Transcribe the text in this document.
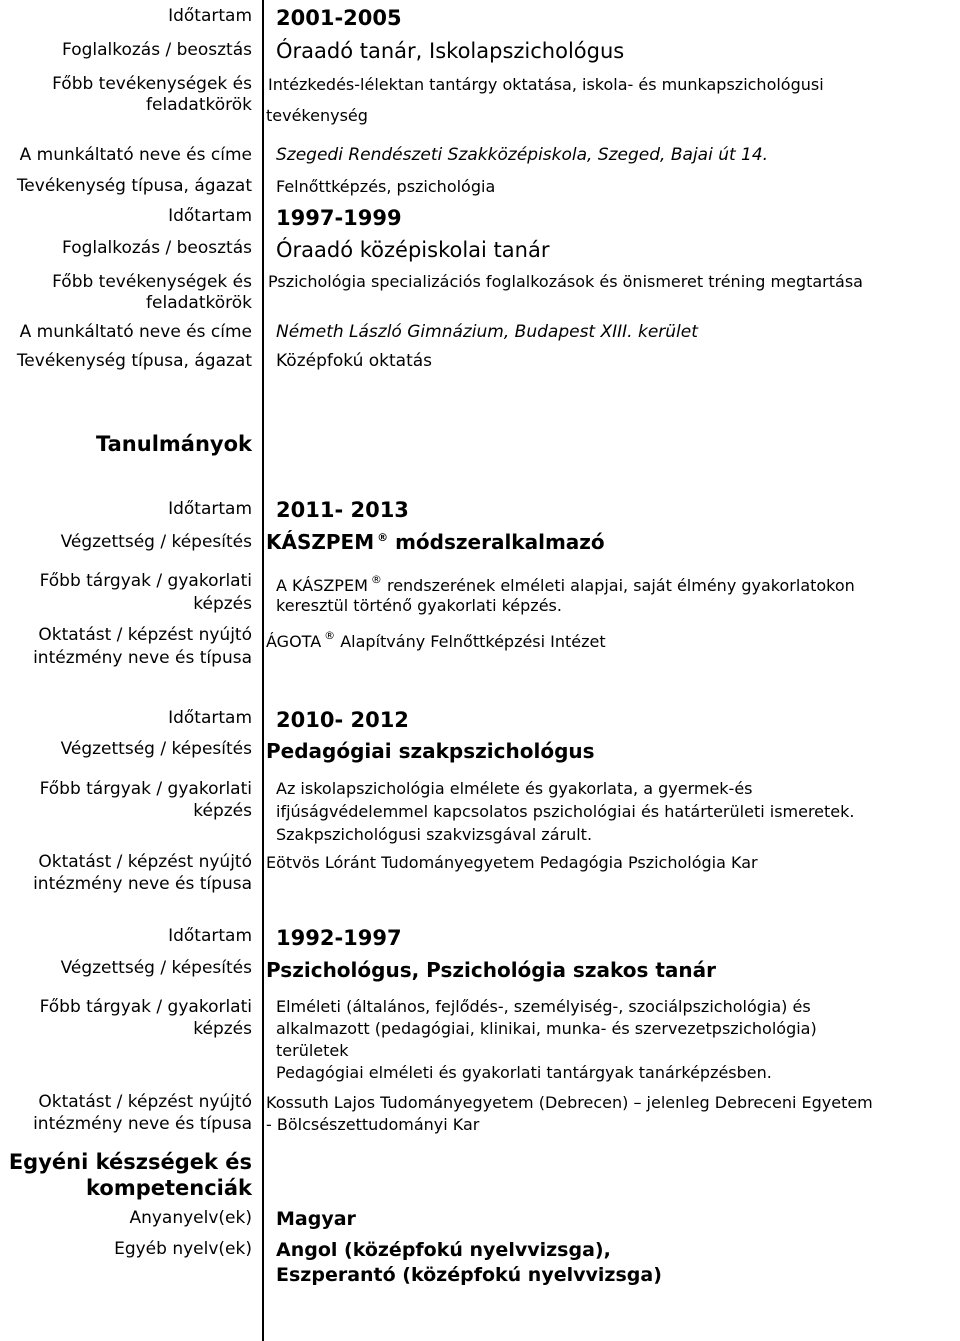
Időtartam 2001-2005
Foglalkozás / beosztás Óraadó tanár, Iskolapszichológus
Főbb tevékenységek és Intézkedés-lélektan tantárgy oktatása, iskola- és munkapszichológusi
feladatkörök
tevékenység
A munkáltató neve és címe Szegedi Rendészeti Szakközépiskola, Szeged, Bajai út 14.
Tevékenység típusa, ágazat Felnőttképzés, pszichológia
Időtartam 1997-1999
Foglalkozás / beosztás Óraadó középiskolai tanár
Főbb tevékenységek és Pszichológia specializációs foglalkozások és önismeret tréning megtartása
feladatkörök
A munkáltató neve és címe Németh László Gimnázium, Budapest XIII. kerület
Tevékenység típusa, ágazat Középfokú oktatás
Tanulmányok
Időtartam 2011- 2013
Végzettség / képesítés KÁSZPEM ® módszeralkalmazó
Főbb tárgyak / gyakorlati A KÁSZPEM ® rendszerének elméleti alapjai, saját élmény gyakorlatokon
képzés keresztül történő gyakorlati képzés.
Oktatást / képzést nyújtó ÁGOTA ® Alapítvány Felnőttképzési Intézet
intézmény neve és típusa
Időtartam 2010- 2012
Végzettség / képesítés Pedagógiai szakpszichológus
Főbb tárgyak / gyakorlati Az iskolapszichológia elmélete és gyakorlata, a gyermek-és
képzés ifjúságvédelemmel kapcsolatos pszichológiai és határterületi ismeretek.
Szakpszichológusi szakvizsgával zárult.
Oktatást / képzést nyújtó Eötvös Lóránt Tudományegyetem Pedagógia Pszichológia Kar
intézmény neve és típusa
Időtartam 1992-1997
Végzettség / képesítés Pszichológus, Pszichológia szakos tanár
Főbb tárgyak / gyakorlati Elméleti (általános, fejlődés-, személyiség-, szociálpszichológia) és
képzés alkalmazott (pedagógiai, klinikai, munka- és szervezetpszichológia)
területek
Pedagógiai elméleti és gyakorlati tantárgyak tanárképzésben.
Oktatást / képzést nyújtó Kossuth Lajos Tudományegyetem (Debrecen) – jelenleg Debreceni Egyetem
intézmény neve és típusa - Bölcsészettudományi Kar
Egyéni készségek és
kompetenciák
Anyanyelv(ek) Magyar
Egyéb nyelv(ek) Angol (középfokú nyelvvizsga),
Eszperantó (középfokú nyelvvizsga)
